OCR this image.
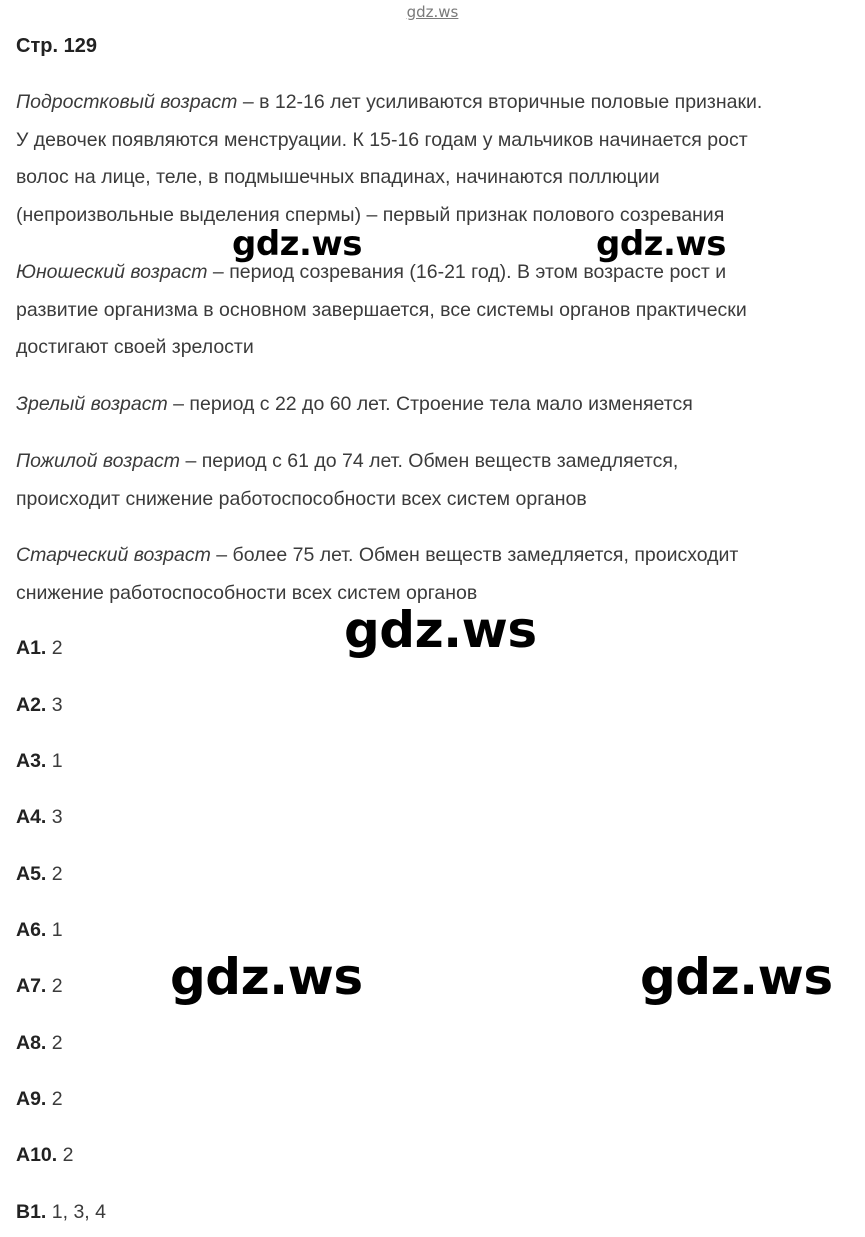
gdz.ws
Стр. 129

Подростковый возраст – в 12-16 лет усиливаются вторичные половые признаки.
У девочек появляются менструации. К 15-16 годам у мальчиков начинается рост
волос на лице, теле, в подмышечных впадинах, начинаются поллюции
(непроизвольные выделения спермы) – первый признак полового созревания

Юношеский возраст – период созревания (16-21 год). В этом возрасте рост и
развитие организма в основном завершается, все системы органов практически
достигают своей зрелости

Зрелый возраст – период с 22 до 60 лет. Строение тела мало изменяется

Пожилой возраст – период с 61 до 74 лет. Обмен веществ замедляется,
происходит снижение работоспособности всех систем органов

Старческий возраст – более 75 лет. Обмен веществ замедляется, происходит
снижение работоспособности всех систем органов

А1. 2

А2. 3

А3. 1

А4. 3

А5. 2

А6. 1

А7. 2

А8. 2

А9. 2

А10. 2

В1. 1, 3, 4

gdz.ws	gdz.ws
gdz.ws
gdz.ws	gdz.ws
